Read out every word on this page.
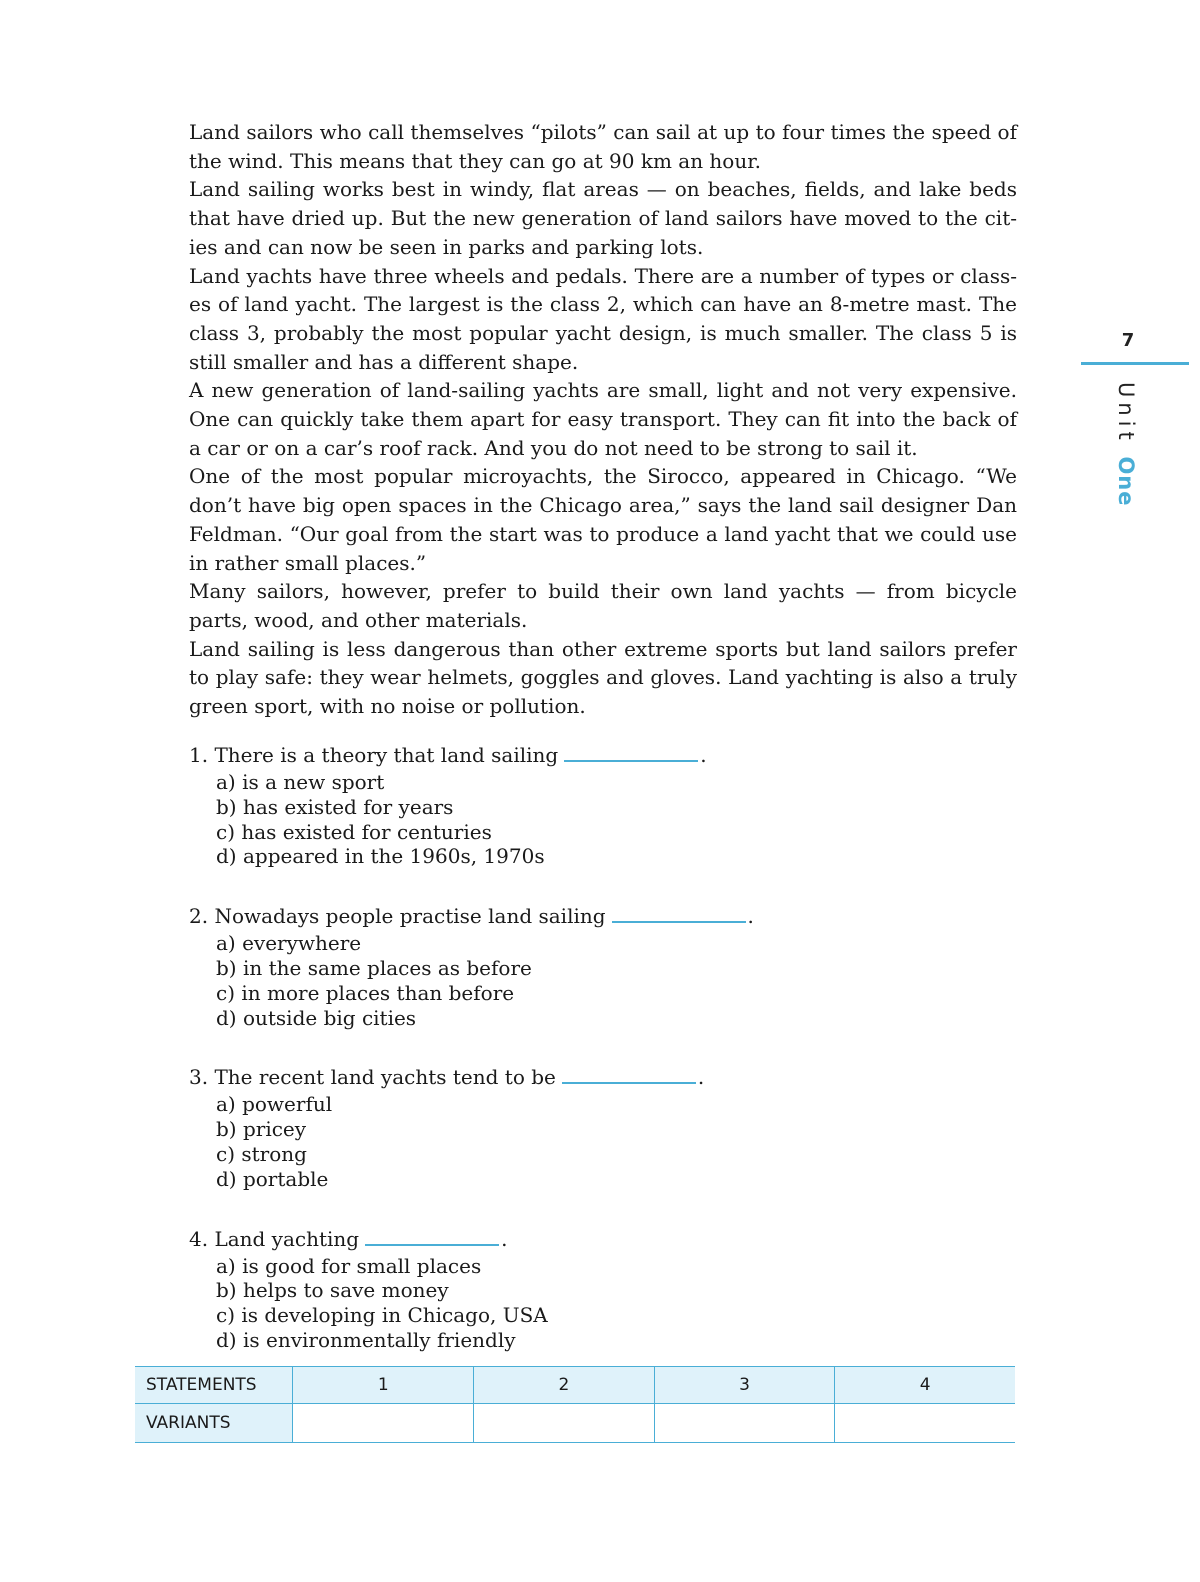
Land sailors who call themselves “pilots” can sail at up to four times the speed of the wind. This means that they can go at 90 km an hour.

Land sailing works best in windy, flat areas — on beaches, fields, and lake beds that have dried up. But the new generation of land sailors have moved to the cities and can now be seen in parks and parking lots.

Land yachts have three wheels and pedals. There are a number of types or classes of land yacht. The largest is the class 2, which can have an 8-metre mast. The class 3, probably the most popular yacht design, is much smaller. The class 5 is still smaller and has a different shape.

A new generation of land-sailing yachts are small, light and not very expensive. One can quickly take them apart for easy transport. They can fit into the back of a car or on a car’s roof rack. And you do not need to be strong to sail it.

One of the most popular microyachts, the Sirocco, appeared in Chicago. “We don’t have big open spaces in the Chicago area,” says the land sail designer Dan Feldman. “Our goal from the start was to produce a land yacht that we could use in rather small places.”

Many sailors, however, prefer to build their own land yachts — from bicycle parts, wood, and other materials.

Land sailing is less dangerous than other extreme sports but land sailors prefer to play safe: they wear helmets, goggles and gloves. Land yachting is also a truly green sport, with no noise or pollution.

1. There is a theory that land sailing	.
a) is a new sport
b) has existed for years
c) has existed for centuries
d) appeared in the 1960s, 1970s
2. Nowadays people practise land sailing	.
a) everywhere
b) in the same places as before
c) in more places than before
d) outside big cities
3. The recent land yachts tend to be	.
a) powerful
b) pricey
c) strong
d) portable
4. Land yachting	.
a) is good for small places
b) helps to save money
c) is developing in Chicago, USA
d) is environmentally friendly
STATEMENTS	1	2	3	4
VARIANTS				
7
Unit One
